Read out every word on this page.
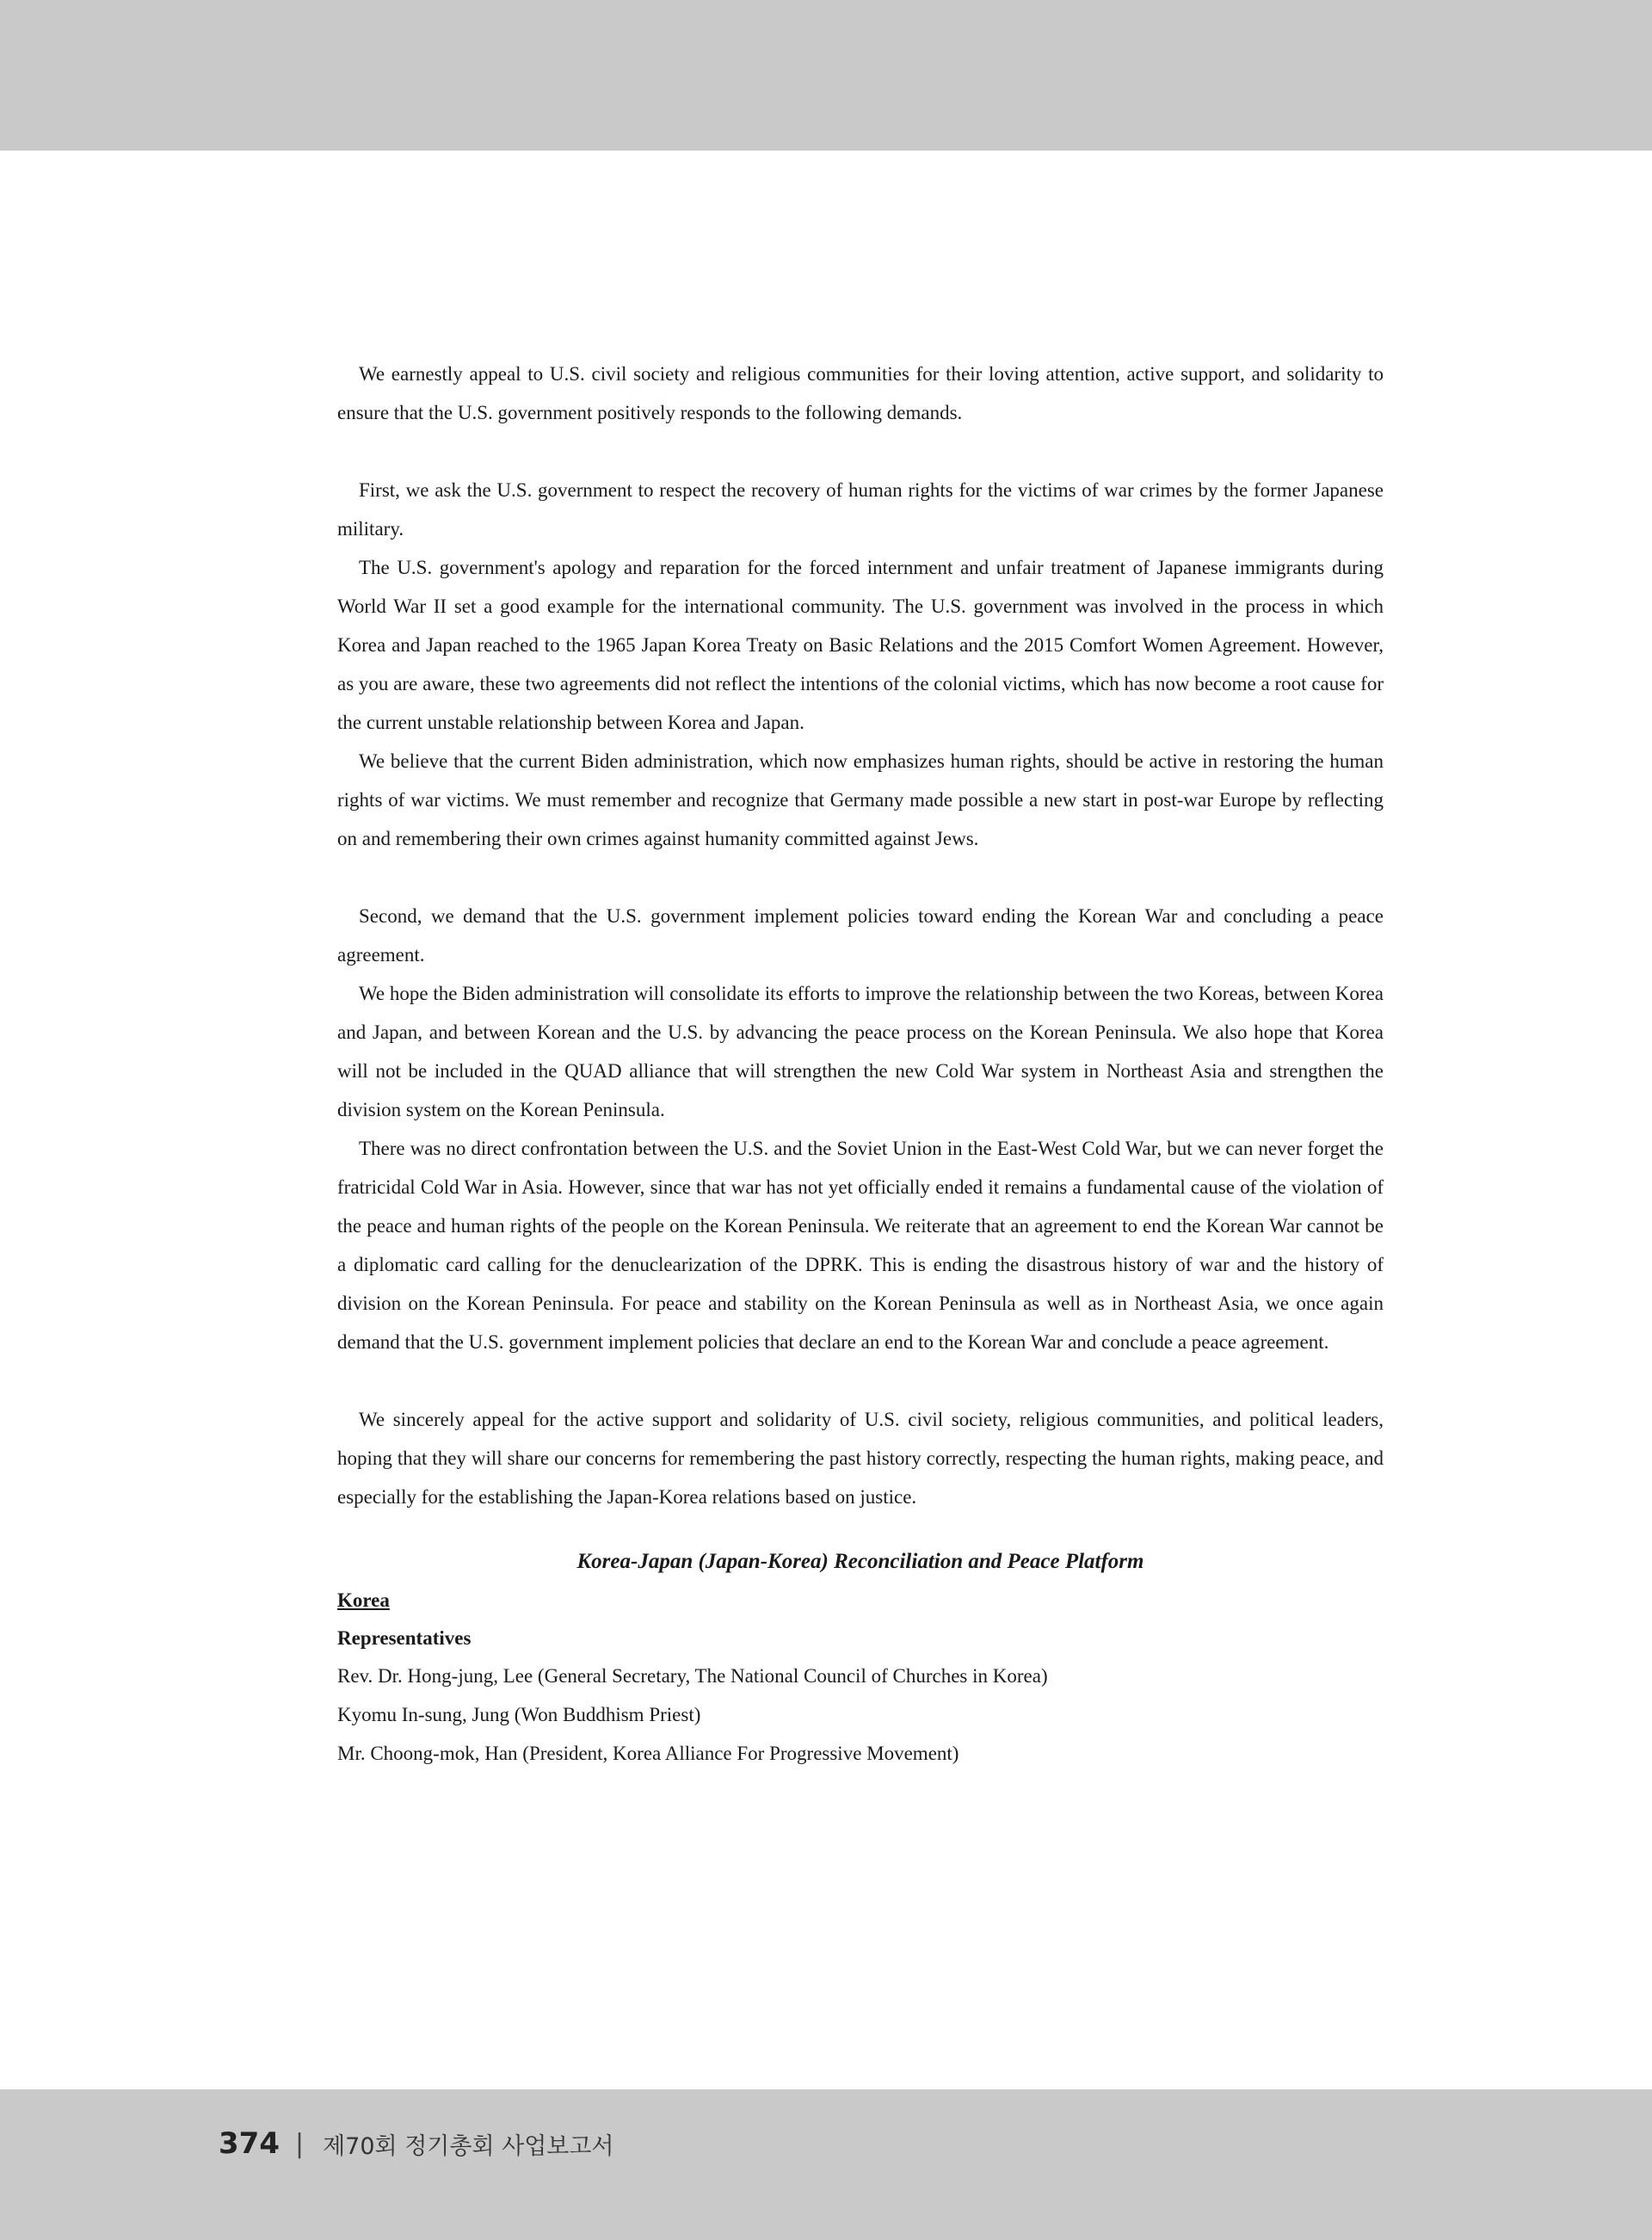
We earnestly appeal to U.S. civil society and religious communities for their loving attention, active support, and solidarity to ensure that the U.S. government positively responds to the following demands.

First, we ask the U.S. government to respect the recovery of human rights for the victims of war crimes by the former Japanese military.

The U.S. government's apology and reparation for the forced internment and unfair treatment of Japanese immigrants during World War II set a good example for the international community. The U.S. government was involved in the process in which Korea and Japan reached to the 1965 Japan Korea Treaty on Basic Relations and the 2015 Comfort Women Agreement. However, as you are aware, these two agreements did not reflect the intentions of the colonial victims, which has now become a root cause for the current unstable relationship between Korea and Japan.

We believe that the current Biden administration, which now emphasizes human rights, should be active in restoring the human rights of war victims. We must remember and recognize that Germany made possible a new start in post-war Europe by reflecting on and remembering their own crimes against humanity committed against Jews.

Second, we demand that the U.S. government implement policies toward ending the Korean War and concluding a peace agreement.

We hope the Biden administration will consolidate its efforts to improve the relationship between the two Koreas, between Korea and Japan, and between Korean and the U.S. by advancing the peace process on the Korean Peninsula. We also hope that Korea will not be included in the QUAD alliance that will strengthen the new Cold War system in Northeast Asia and strengthen the division system on the Korean Peninsula.

There was no direct confrontation between the U.S. and the Soviet Union in the East-West Cold War, but we can never forget the fratricidal Cold War in Asia. However, since that war has not yet officially ended it remains a fundamental cause of the violation of the peace and human rights of the people on the Korean Peninsula. We reiterate that an agreement to end the Korean War cannot be a diplomatic card calling for the denuclearization of the DPRK. This is ending the disastrous history of war and the history of division on the Korean Peninsula. For peace and stability on the Korean Peninsula as well as in Northeast Asia, we once again demand that the U.S. government implement policies that declare an end to the Korean War and conclude a peace agreement.

We sincerely appeal for the active support and solidarity of U.S. civil society, religious communities, and political leaders, hoping that they will share our concerns for remembering the past history correctly, respecting the human rights, making peace, and especially for the establishing the Japan-Korea relations based on justice.

Korea-Japan (Japan-Korea) Reconciliation and Peace Platform

Korea

Representatives

Rev. Dr. Hong-jung, Lee (General Secretary, The National Council of Churches in Korea)

Kyomu In-sung, Jung (Won Buddhism Priest)

Mr. Choong-mok, Han (President, Korea Alliance For Progressive Movement)

374 | 제70회 정기총회 사업보고서
